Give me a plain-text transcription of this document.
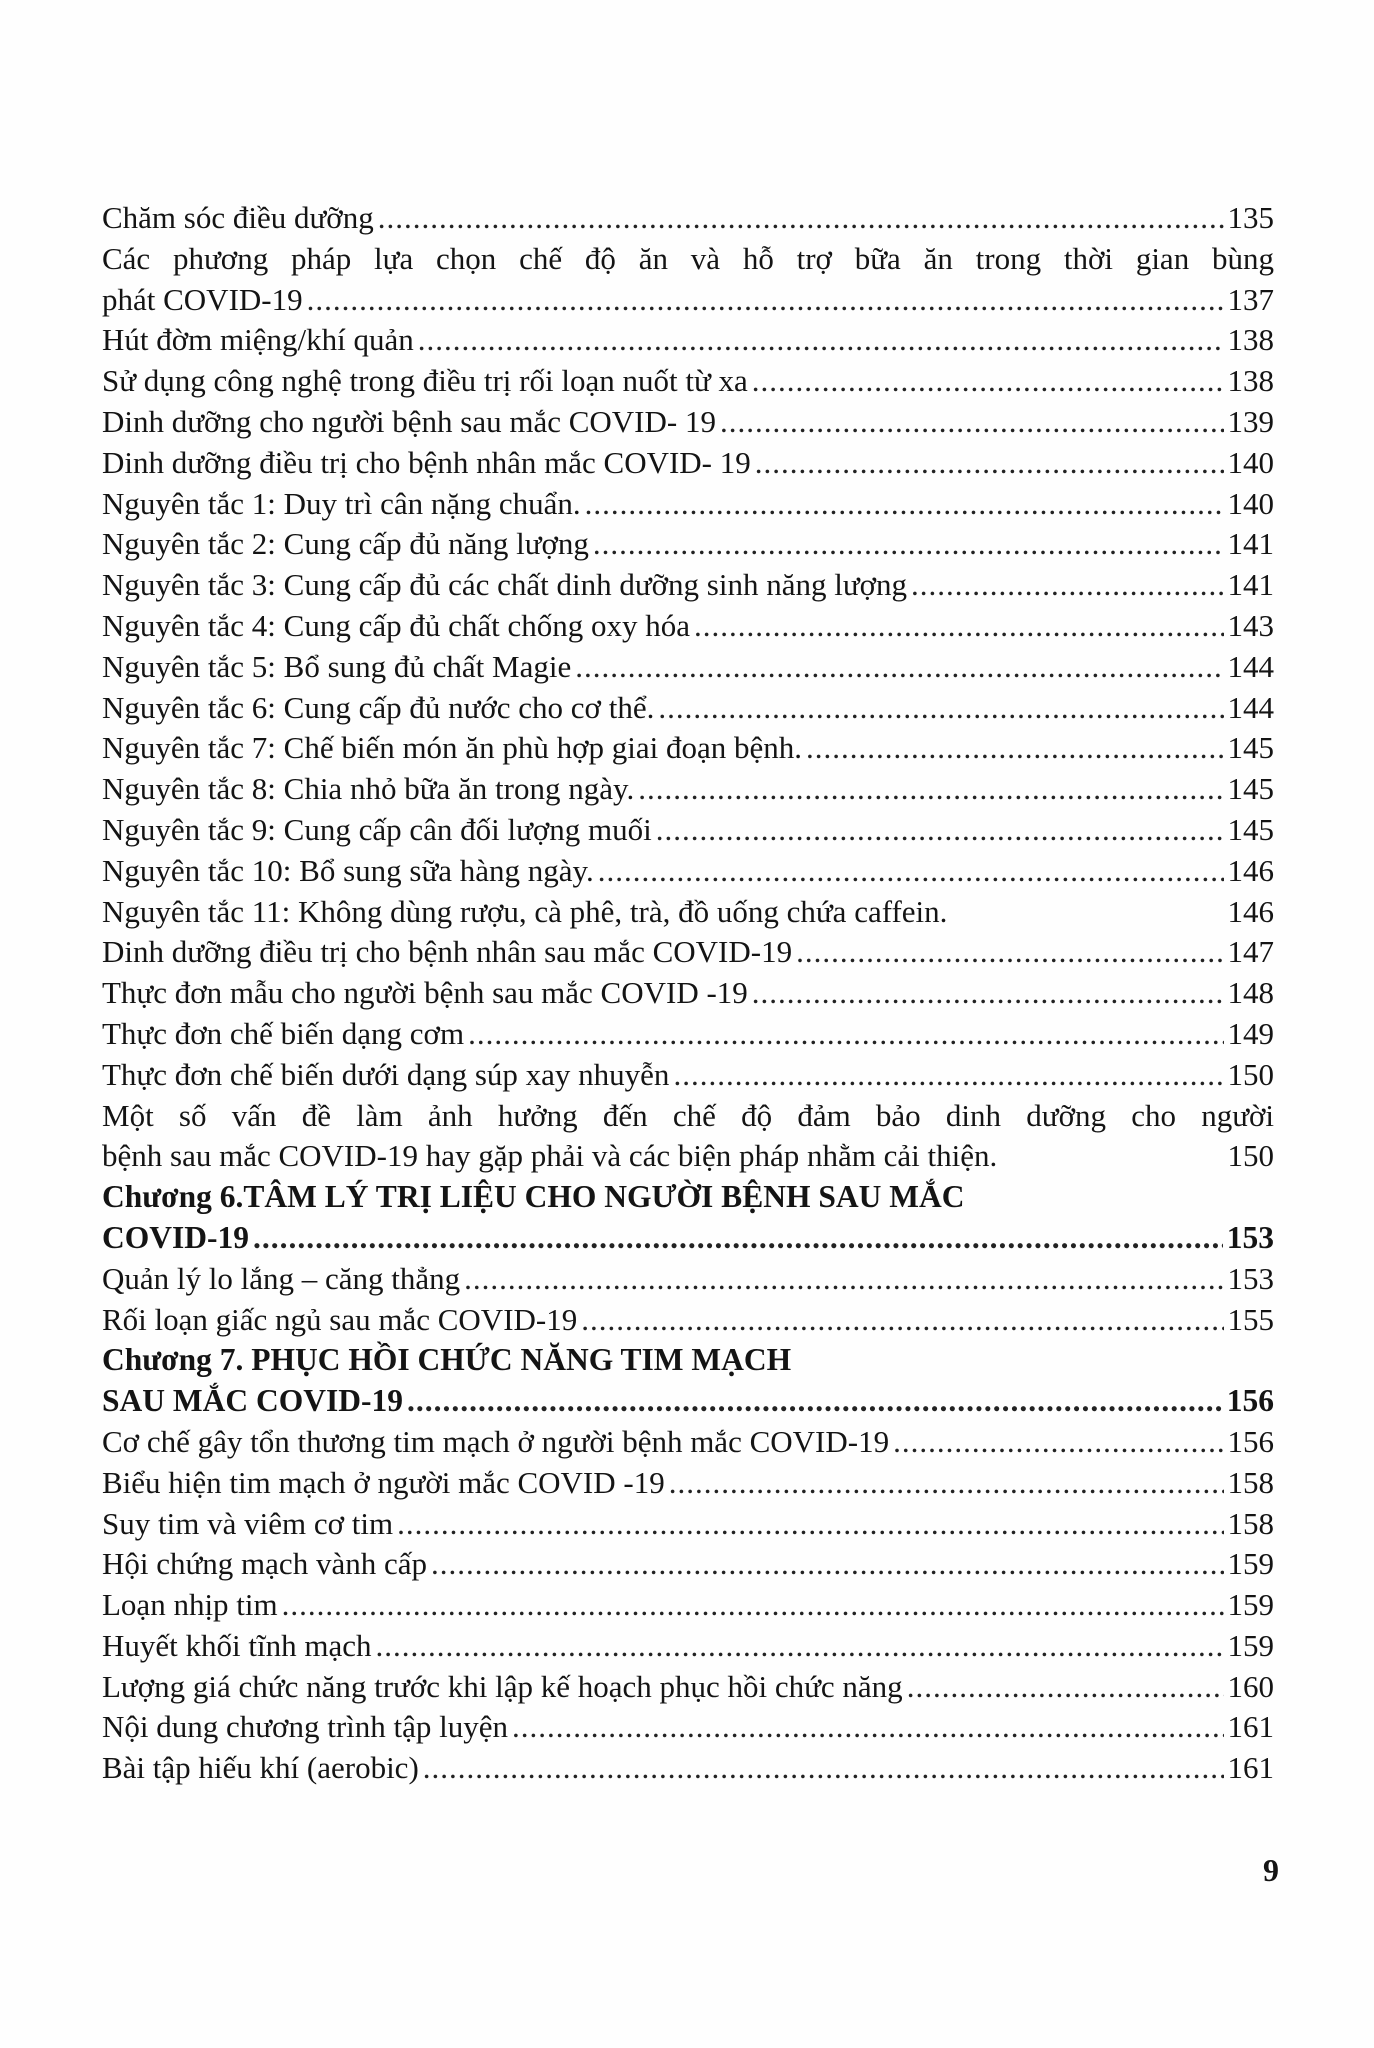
Chăm sóc điều dưỡng .....	135
Các phương pháp lựa chọn chế độ ăn và hỗ trợ bữa ăn trong thời gian bùng
phát COVID-19 .....	137
Hút đờm miệng/khí quản .....	138
Sử dụng công nghệ trong điều trị rối loạn nuốt từ xa .....	138
Dinh dưỡng cho người bệnh sau mắc COVID- 19 .....	139
Dinh dưỡng điều trị cho bệnh nhân mắc COVID- 19 .....	140
Nguyên tắc 1: Duy trì cân nặng chuẩn. .....	140
Nguyên tắc 2: Cung cấp đủ năng lượng .....	141
Nguyên tắc 3: Cung cấp đủ các chất dinh dưỡng sinh năng lượng .....	141
Nguyên tắc 4: Cung cấp đủ chất chống oxy hóa .....	143
Nguyên tắc 5: Bổ sung đủ chất Magie .....	144
Nguyên tắc 6: Cung cấp đủ nước cho cơ thể. .....	144
Nguyên tắc 7: Chế biến món ăn phù hợp giai đoạn bệnh. .....	145
Nguyên tắc 8: Chia nhỏ bữa ăn trong ngày. .....	145
Nguyên tắc 9: Cung cấp cân đối lượng muối .....	145
Nguyên tắc 10: Bổ sung sữa hàng ngày. .....	146
Nguyên tắc 11: Không dùng rượu, cà phê, trà, đồ uống chứa caffein.	146
Dinh dưỡng điều trị cho bệnh nhân sau mắc COVID-19 .....	147
Thực đơn mẫu cho người bệnh sau mắc COVID -19 .....	148
Thực đơn chế biến dạng cơm .....	149
Thực đơn chế biến dưới dạng súp xay nhuyễn .....	150
Một số vấn đề làm ảnh hưởng đến chế độ đảm bảo dinh dưỡng cho người
bệnh sau mắc COVID-19 hay gặp phải và các biện pháp nhằm cải thiện.	150
Chương 6.TÂM LÝ TRỊ LIỆU CHO NGƯỜI BỆNH SAU MẮC
COVID-19 .....	153
Quản lý lo lắng – căng thẳng .....	153
Rối loạn giấc ngủ sau mắc COVID-19 .....	155
Chương 7. PHỤC HỒI CHỨC NĂNG TIM MẠCH
SAU MẮC COVID-19 .....	156
Cơ chế gây tổn thương tim mạch ở người bệnh mắc COVID-19 .....	156
Biểu hiện tim mạch ở người mắc COVID -19 .....	158
Suy tim và viêm cơ tim .....	158
Hội chứng mạch vành cấp .....	159
Loạn nhịp tim .....	159
Huyết khối tĩnh mạch .....	159
Lượng giá chức năng trước khi lập kế hoạch phục hồi chức năng .....	160
Nội dung chương trình tập luyện .....	161
Bài tập hiếu khí (aerobic) .....	161
9
